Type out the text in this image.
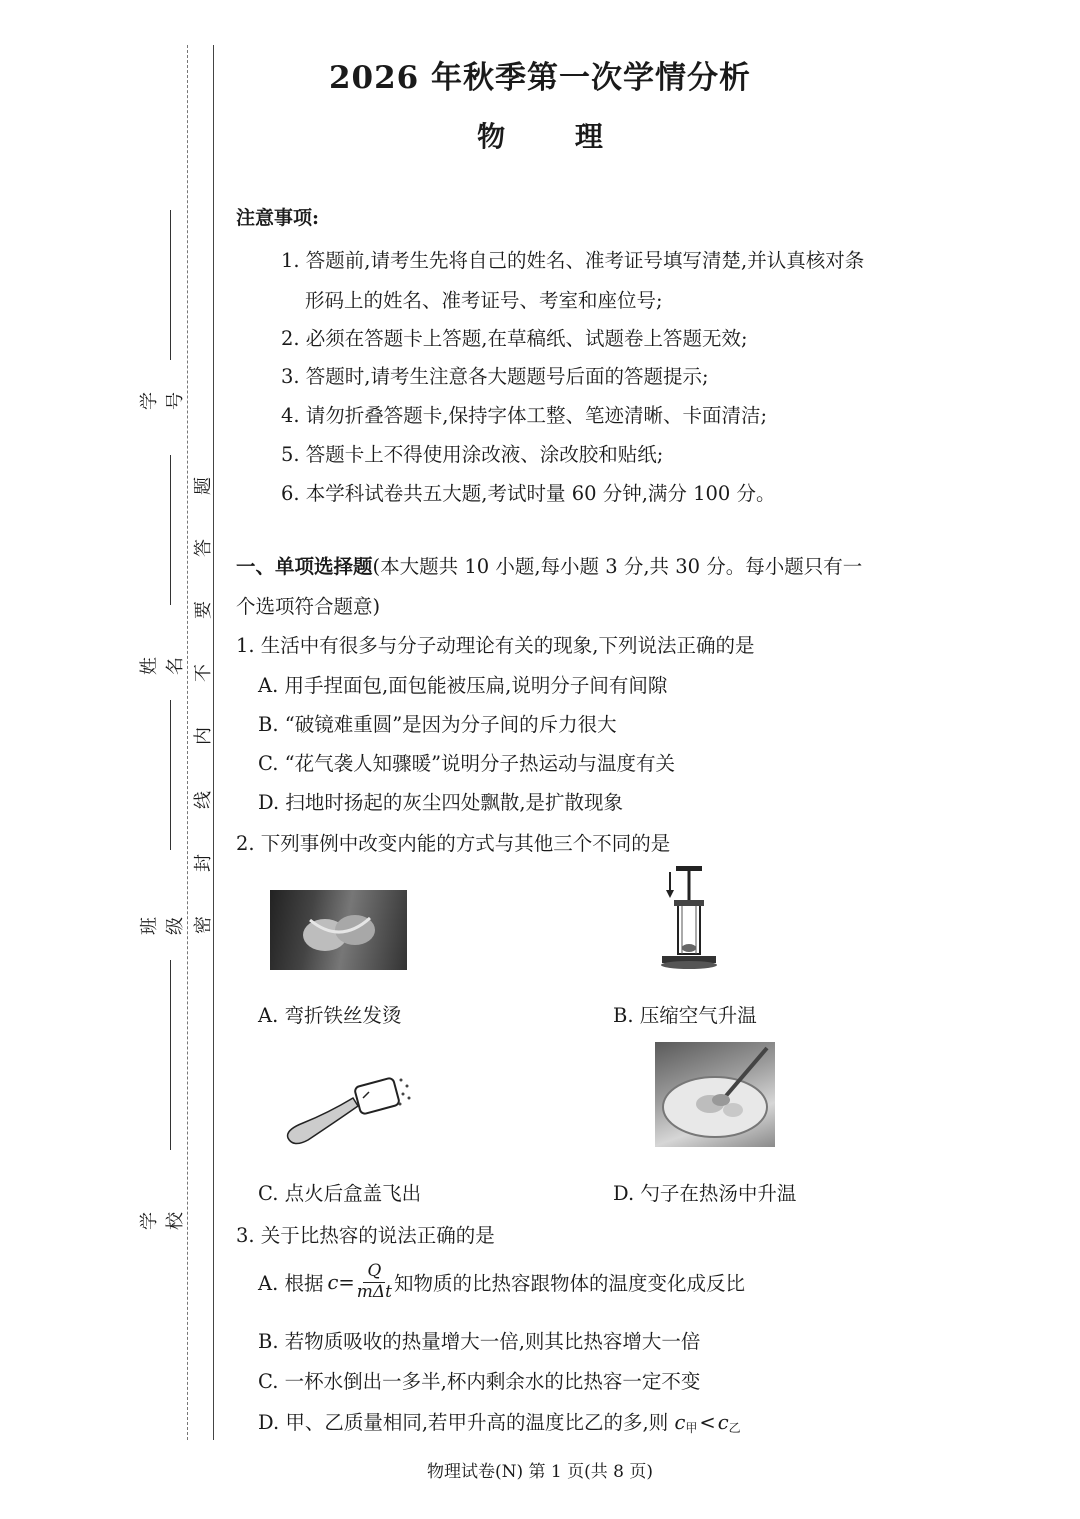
学 号
姓 名
班 级
学 校
题
答
要
不
内
线
封
密
2026 年秋季第一次学情分析
物 理
注意事项:
1. 答题前,请考生先将自己的姓名、准考证号填写清楚,并认真核对条
形码上的姓名、准考证号、考室和座位号;
2. 必须在答题卡上答题,在草稿纸、试题卷上答题无效;
3. 答题时,请考生注意各大题题号后面的答题提示;
4. 请勿折叠答题卡,保持字体工整、笔迹清晰、卡面清洁;
5. 答题卡上不得使用涂改液、涂改胶和贴纸;
6. 本学科试卷共五大题,考试时量 60 分钟,满分 100 分。
一、单项选择题(本大题共 10 小题,每小题 3 分,共 30 分。每小题只有一
个选项符合题意)
1. 生活中有很多与分子动理论有关的现象,下列说法正确的是
A. 用手捏面包,面包能被压扁,说明分子间有间隙
B. “破镜难重圆”是因为分子间的斥力很大
C. “花气袭人知骤暖”说明分子热运动与温度有关
D. 扫地时扬起的灰尘四处飘散,是扩散现象
2. 下列事例中改变内能的方式与其他三个不同的是
A. 弯折铁丝发烫	B. 压缩空气升温
C. 点火后盒盖飞出	D. 勺子在热汤中升温
3. 关于比热容的说法正确的是
A. 根据 $c = \frac{Q}{\text{mΔt}}$ 知物质的比热容跟物体的温度变化成反比
B. 若物质吸收的热量增大一倍,则其比热容增大一倍
C. 一杯水倒出一多半,杯内剩余水的比热容一定不变
D. 甲、乙质量相同,若甲升高的温度比乙的多,则 $c_甲 < c_乙$
物理试卷(N) 第 1 页(共 8 页)
